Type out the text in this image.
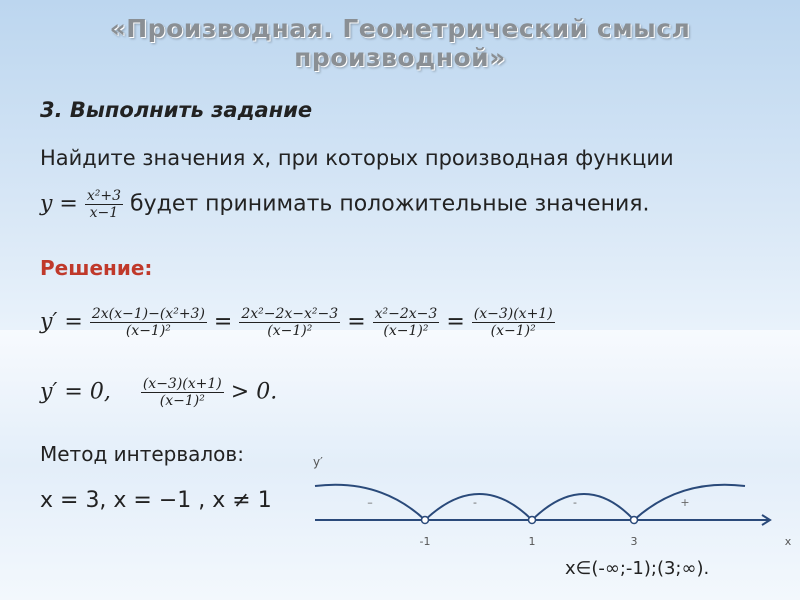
«Производная. Геометрический смысл производной»
3. Выполнить задание
Найдите значения x, при которых производная функции
$y = \frac{\text{x²+3}}{x-1}$ будет принимать положительные значения.
Решение:
$y' = \frac{\text{2x(x−1)−(x²+3)}}{\text{(x−1)²}} = \frac{\text{2x²−2x−x²−3}}{\text{(x−1)²}} = \frac{\text{x²−2x−3}}{\text{(x−1)²}} = \frac{(x-3)(x+1)}{\text{(x−1)²}}$
y′ = 0, $\frac{(x-3)(x+1)}{\text{(x−1)²}} > 0$.
Метод интервалов:
x = 3, x = −1 , x ≠ 1
y′
–	-	-	+
-1	1	3	x
x∈(-∞;-1);(3;∞).
